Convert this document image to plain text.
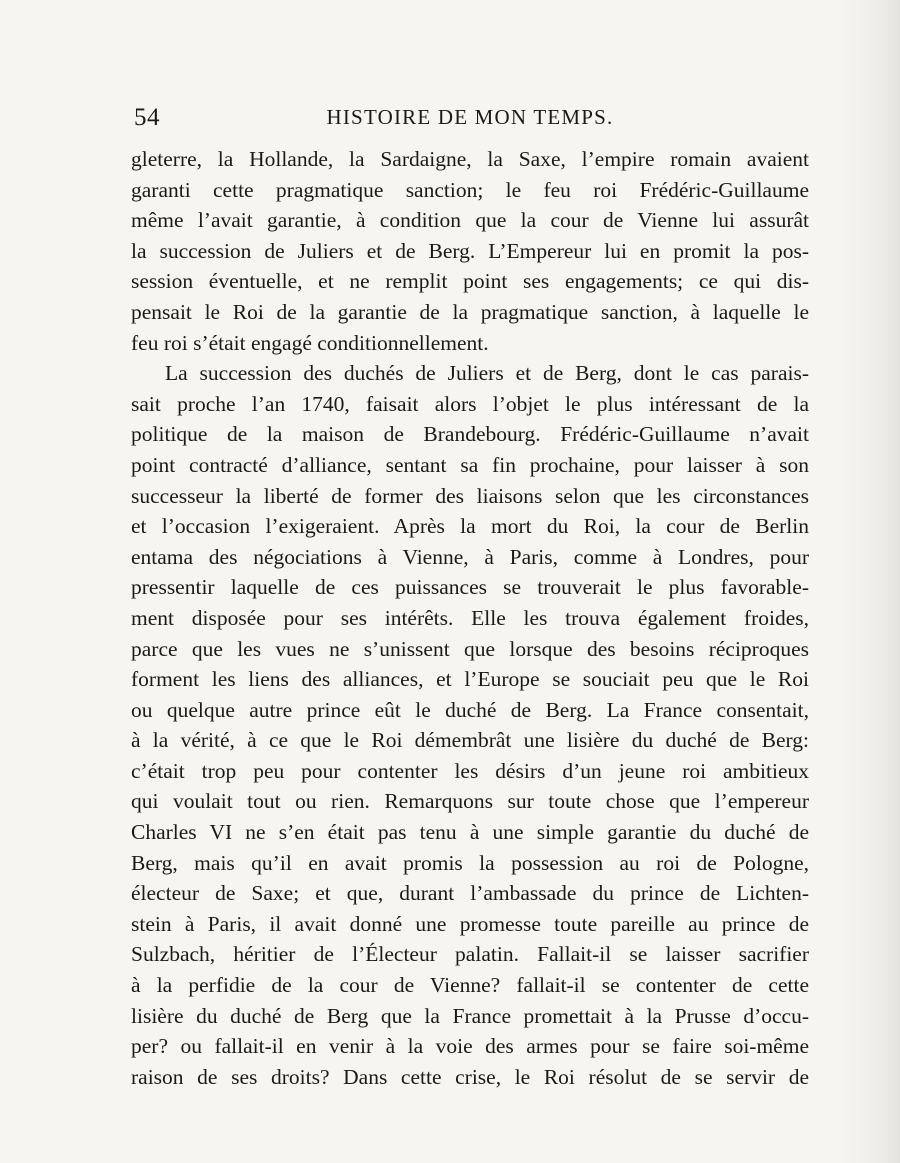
54	HISTOIRE DE MON TEMPS.
gleterre, la Hollande, la Sardaigne, la Saxe, l’empire romain avaient
garanti cette pragmatique sanction; le feu roi Frédéric-Guillaume
même l’avait garantie, à condition que la cour de Vienne lui assurât
la succession de Juliers et de Berg. L’Empereur lui en promit la pos-
session éventuelle, et ne remplit point ses engagements; ce qui dis-
pensait le Roi de la garantie de la pragmatique sanction, à laquelle le
feu roi s’était engagé conditionnellement.
La succession des duchés de Juliers et de Berg, dont le cas parais-
sait proche l’an 1740, faisait alors l’objet le plus intéressant de la
politique de la maison de Brandebourg. Frédéric-Guillaume n’avait
point contracté d’alliance, sentant sa fin prochaine, pour laisser à son
successeur la liberté de former des liaisons selon que les circonstances
et l’occasion l’exigeraient. Après la mort du Roi, la cour de Berlin
entama des négociations à Vienne, à Paris, comme à Londres, pour
pressentir laquelle de ces puissances se trouverait le plus favorable-
ment disposée pour ses intérêts. Elle les trouva également froides,
parce que les vues ne s’unissent que lorsque des besoins réciproques
forment les liens des alliances, et l’Europe se souciait peu que le Roi
ou quelque autre prince eût le duché de Berg. La France consentait,
à la vérité, à ce que le Roi démembrât une lisière du duché de Berg:
c’était trop peu pour contenter les désirs d’un jeune roi ambitieux
qui voulait tout ou rien. Remarquons sur toute chose que l’empereur
Charles VI ne s’en était pas tenu à une simple garantie du duché de
Berg, mais qu’il en avait promis la possession au roi de Pologne,
électeur de Saxe; et que, durant l’ambassade du prince de Lichten-
stein à Paris, il avait donné une promesse toute pareille au prince de
Sulzbach, héritier de l’Électeur palatin. Fallait-il se laisser sacrifier
à la perfidie de la cour de Vienne? fallait-il se contenter de cette
lisière du duché de Berg que la France promettait à la Prusse d’occu-
per? ou fallait-il en venir à la voie des armes pour se faire soi-même
raison de ses droits? Dans cette crise, le Roi résolut de se servir de
